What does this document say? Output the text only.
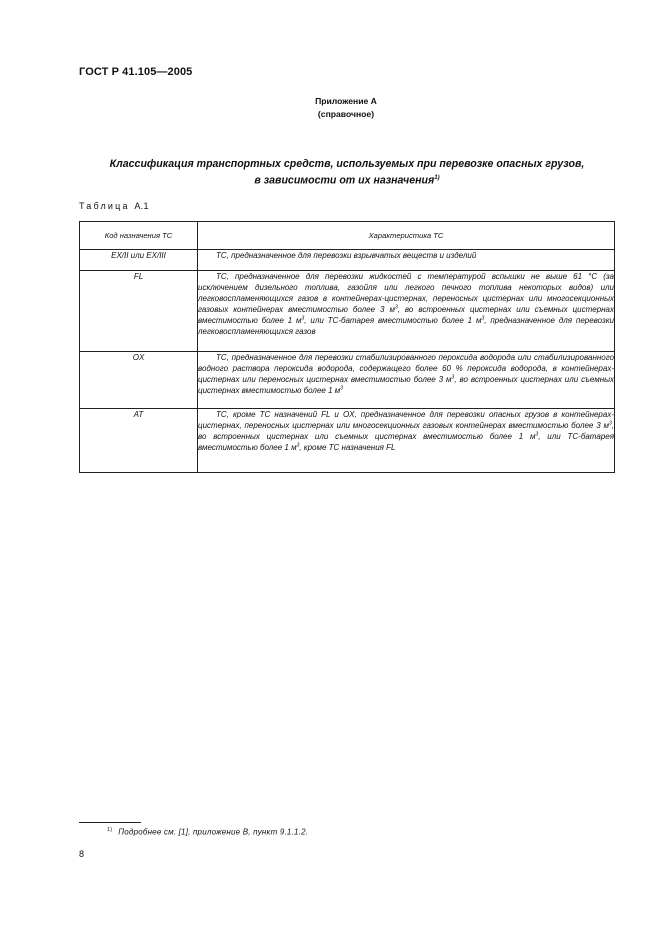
ГОСТ Р 41.105—2005
Приложение А
(справочное)
Классификация транспортных средств, используемых при перевозке опасных грузов,
в зависимости от их назначения$^{1)}$
Таблица А.1
Код назначения ТС	Характеристика ТС
EX/II или EX/III	ТС, предназначенное для перевозки взрывчатых веществ и изделий

FL	ТС, предназначенное для перевозки жидкостей с температурой вспышки не выше 61 °С (за исключением дизельного топлива, газойля или легкого печного топлива некоторых видов) или легковоспламеняющихся газов в контейнерах-цистернах, переносных цистернах или многосекционных газовых контейнерах вместимостью более 3 $м^3$, во встроенных цистернах или съемных цистернах вместимостью более 1 $м^3$, или ТС-батарея вместимостью более 1 $м^3$, предназначенное для перевозки легковоспламеняющихся газов

OX	ТС, предназначенное для перевозки стабилизированного пероксида водорода или стабилизированного водного раствора пероксида водорода, содержащего более 60 % пероксида водорода, в контейнерах-цистернах или переносных цистернах вместимостью более 3 $м^3$, во встроенных цистернах или съемных цистернах вместимостью более 1 $м^3$

AT	ТС, кроме ТС назначений FL и OX, предназначенное для перевозки опасных грузов в контейнерах-цистернах, переносных цистернах или многосекционных газовых контейнерах вместимостью более 3 $м^3$, во встроенных цистернах или съемных цистернах вместимостью более 1 $м^3$, или ТС-батарея вместимостью более 1 $м^3$, кроме ТС назначения FL

$^{1)}$ Подробнее см. [1], приложение В, пункт 9.1.1.2.
8
